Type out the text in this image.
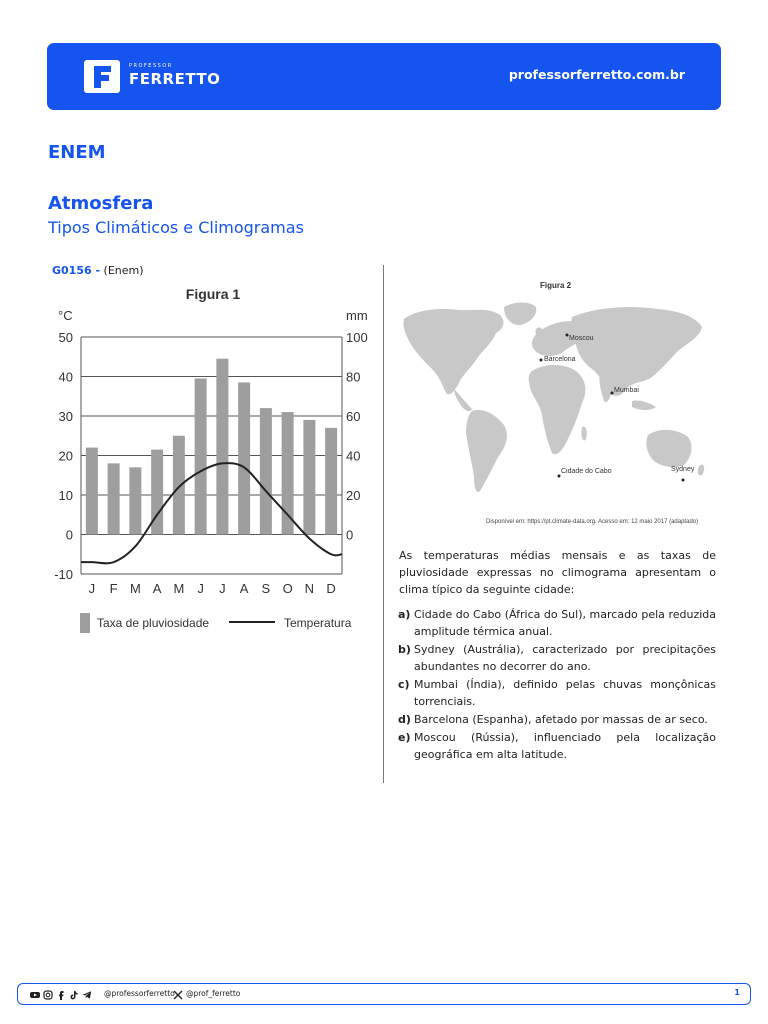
PROFESSOR
FERRETTO	professorferretto.com.br
ENEM
Atmosfera
Tipos Climáticos e Climogramas
G0156 - (Enem)
Figura 1
°C	mm
50
40
30
20
10
0
-10
100
80
60
40
20
0
J F M A M J J A S O N D
Taxa de pluviosidade	Temperatura
Figura 2
Moscou
Barcelona
Mumbai
Cidade do Cabo	Sydney
Disponível em: https://pt.climate-data.org. Acesso em: 12 maio 2017 (adaptado)
As temperaturas médias mensais e as taxas de pluviosidade expressas no climograma apresentam o clima típico da seguinte cidade:
a) Cidade do Cabo (África do Sul), marcado pela reduzida amplitude térmica anual.
b) Sydney (Austrália), caracterizado por precipitações abundantes no decorrer do ano.
c) Mumbai (Índia), definido pelas chuvas monçônicas torrenciais.
d) Barcelona (Espanha), afetado por massas de ar seco.
e) Moscou (Rússia), influenciado pela localização geográfica em alta latitude.
@professorferretto @prof_ferretto	1
